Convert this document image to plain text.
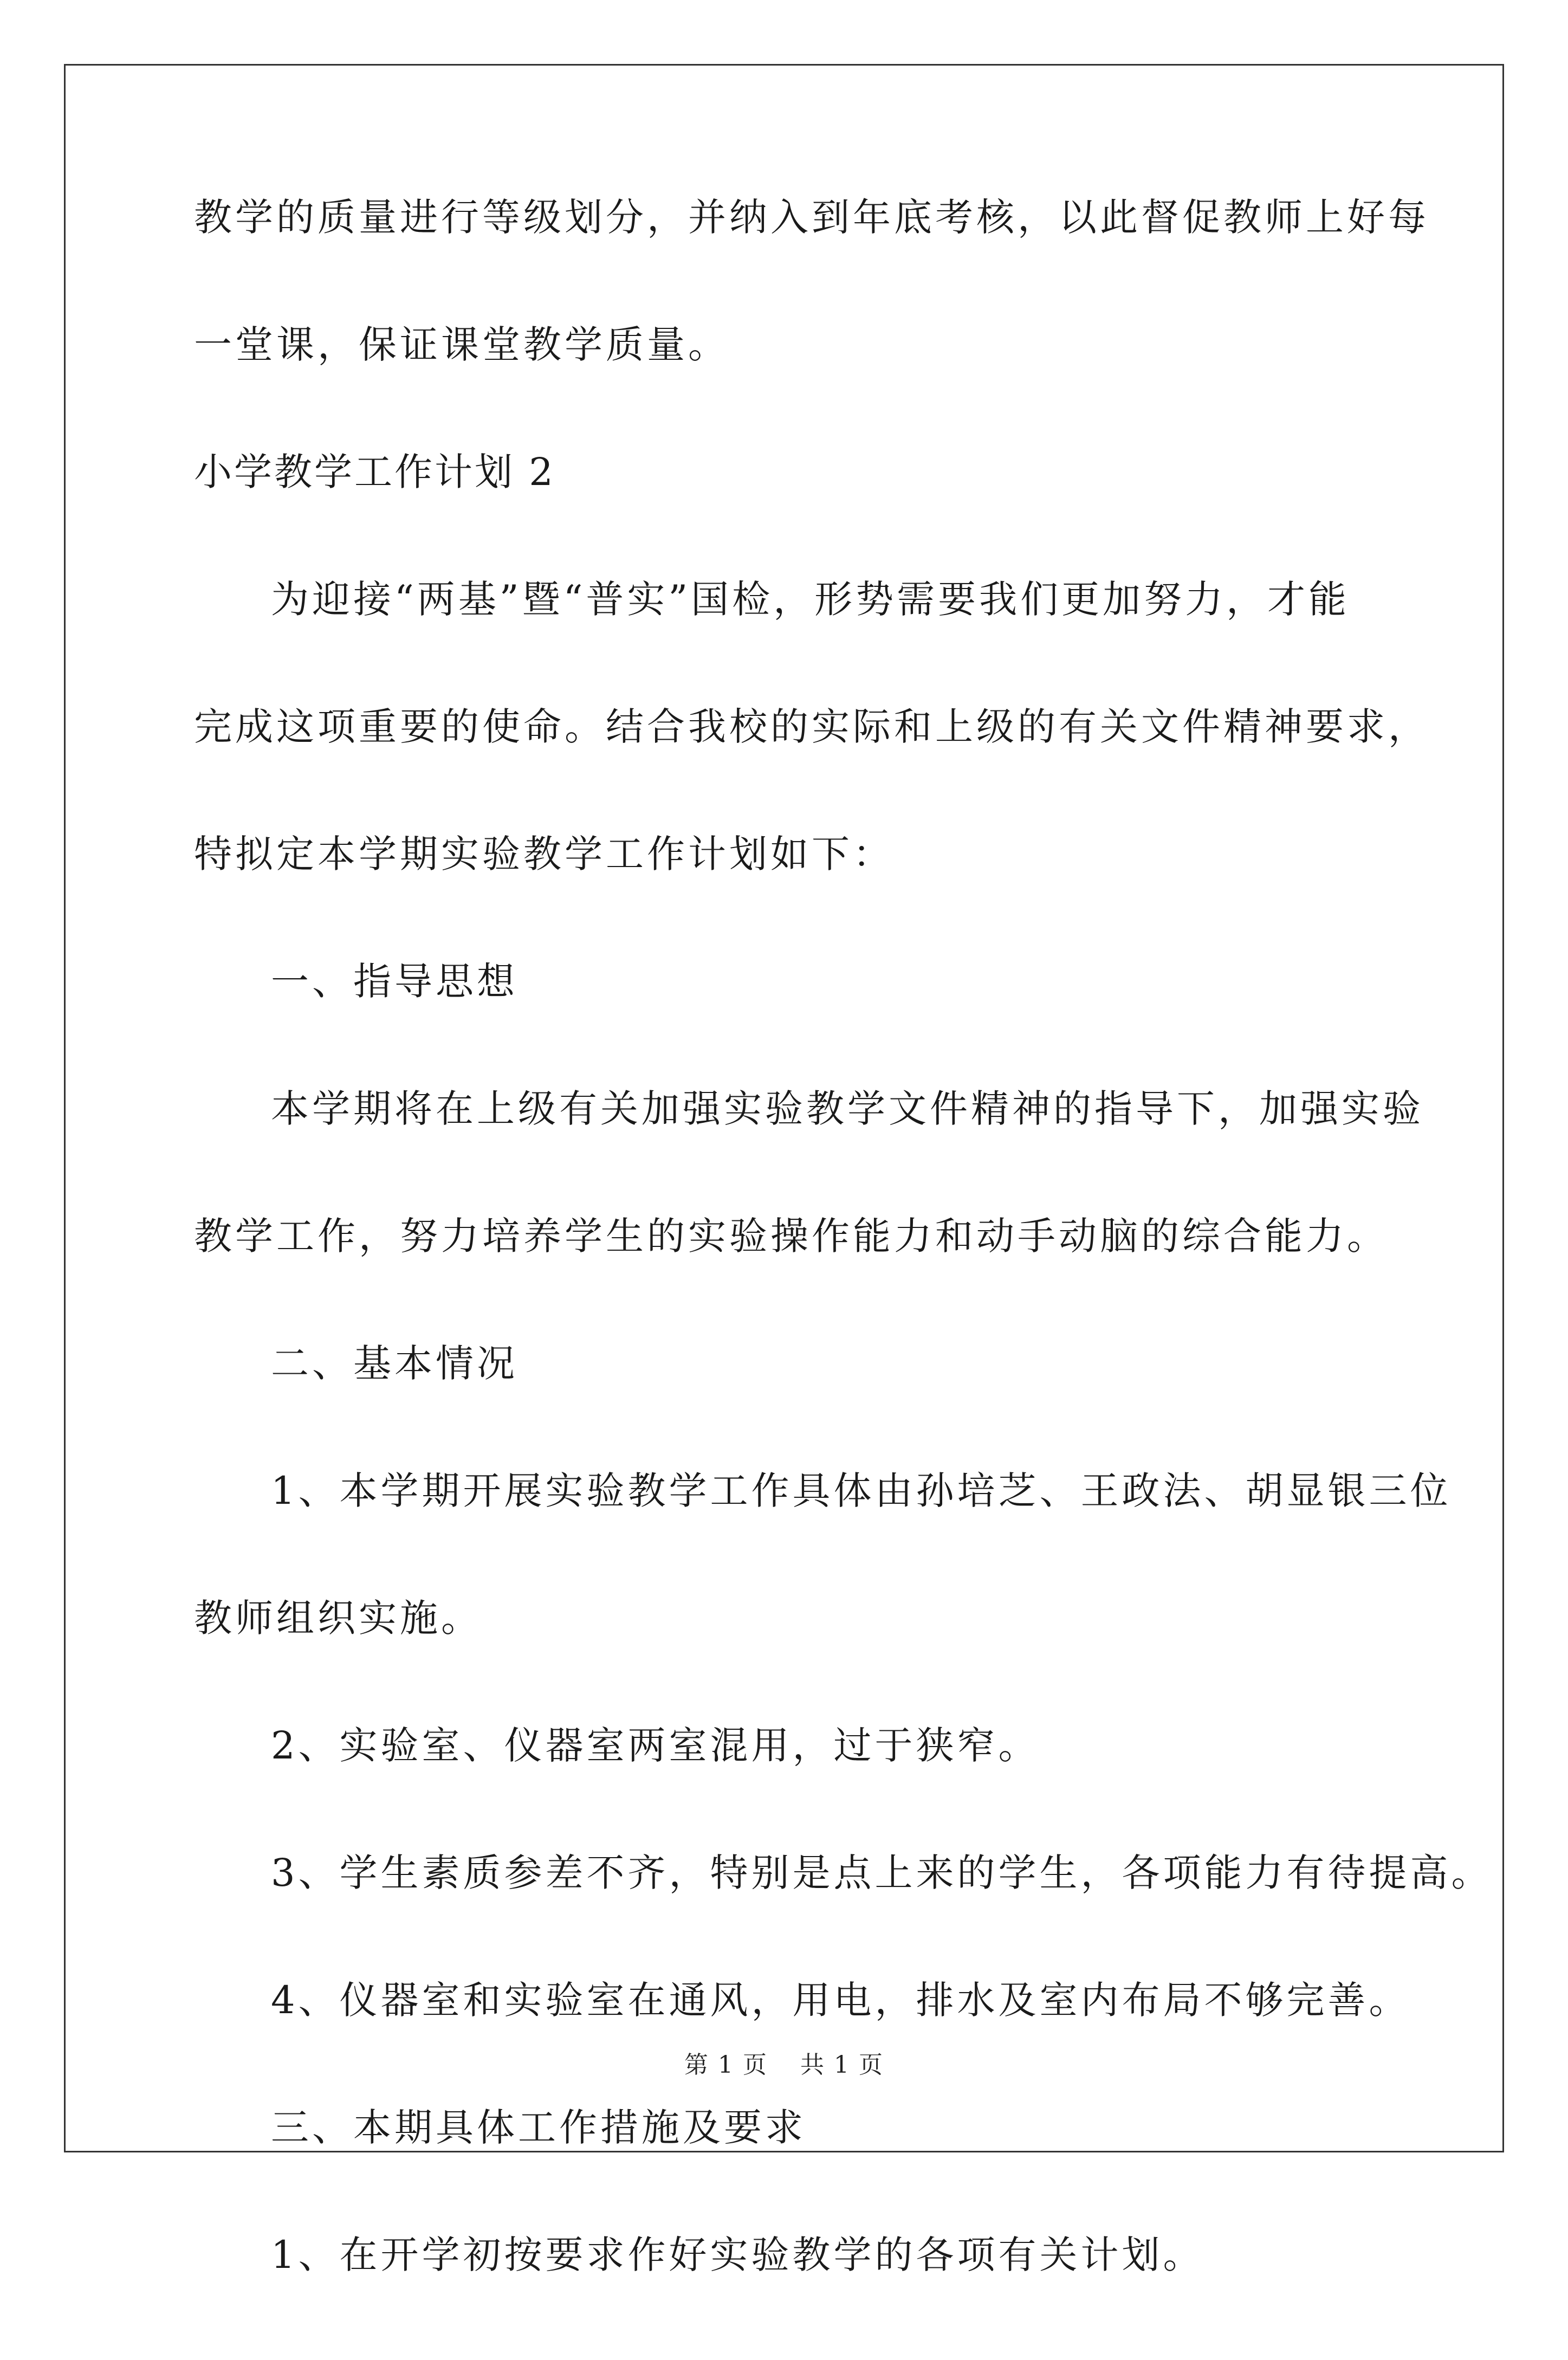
教学的质量进行等级划分，并纳入到年底考核，以此督促教师上好每
一堂课，保证课堂教学质量。
小学教学工作计划 2
为迎接“两基”暨“普实”国检，形势需要我们更加努力，才能
完成这项重要的使命。结合我校的实际和上级的有关文件精神要求，
特拟定本学期实验教学工作计划如下：
一、指导思想
本学期将在上级有关加强实验教学文件精神的指导下，加强实验
教学工作，努力培养学生的实验操作能力和动手动脑的综合能力。
二、基本情况
1、本学期开展实验教学工作具体由孙培芝、王政法、胡显银三位
教师组织实施。
2、实验室、仪器室两室混用，过于狭窄。
3、学生素质参差不齐，特别是点上来的学生，各项能力有待提高。
4、仪器室和实验室在通风，用电，排水及室内布局不够完善。
三、本期具体工作措施及要求
1、在开学初按要求作好实验教学的各项有关计划。
第 1 页 共 1 页
